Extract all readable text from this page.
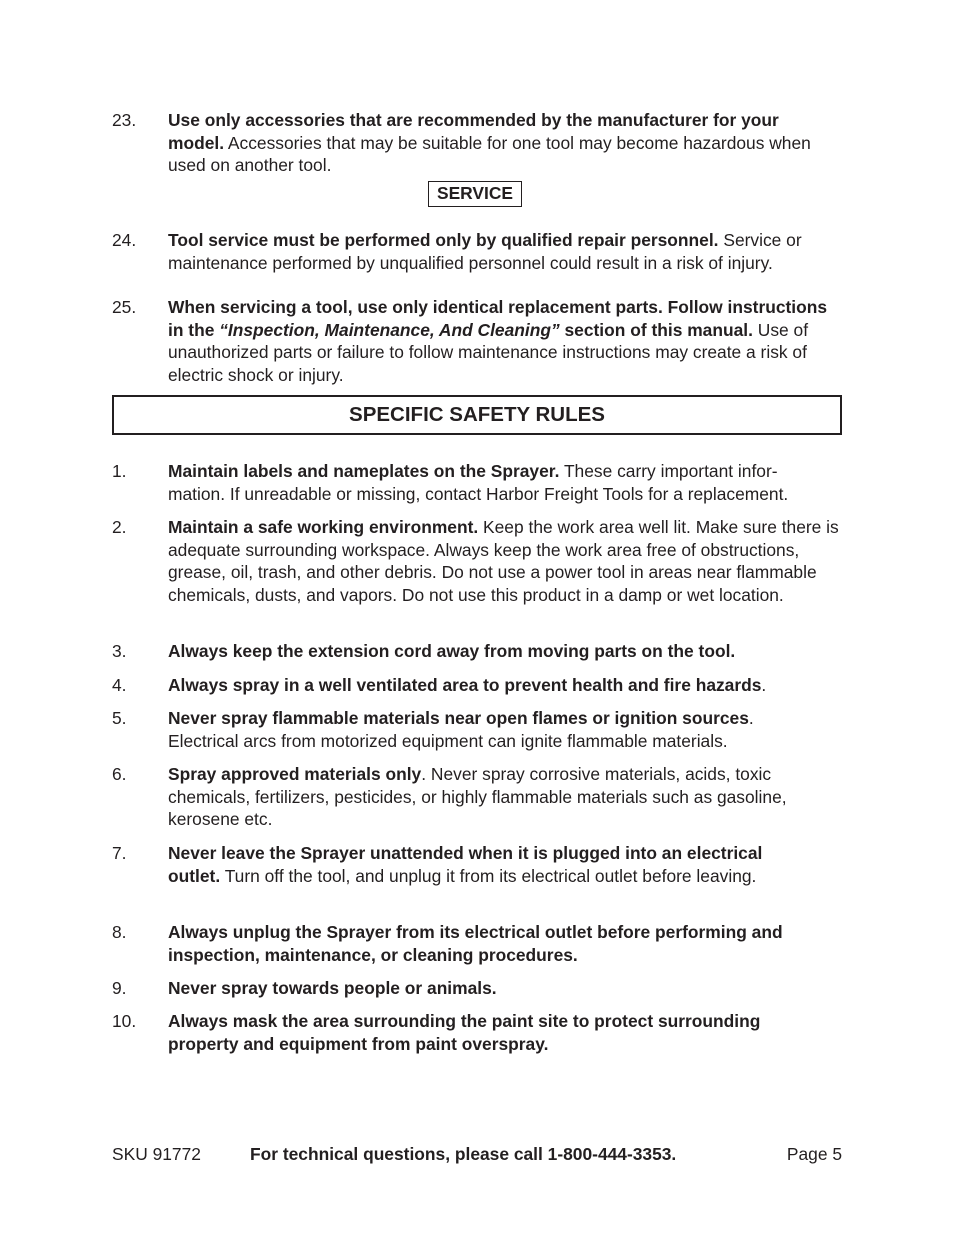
23. Use only accessories that are recommended by the manufacturer for your model. Accessories that may be suitable for one tool may become hazardous when used on another tool.
SERVICE
24. Tool service must be performed only by qualified repair personnel. Service or maintenance performed by unqualified personnel could result in a risk of injury.
25. When servicing a tool, use only identical replacement parts. Follow instructions in the “Inspection, Maintenance, And Cleaning” section of this manual. Use of unauthorized parts or failure to follow maintenance instructions may create a risk of electric shock or injury.
SPECIFIC SAFETY RULES
1. Maintain labels and nameplates on the Sprayer. These carry important infor-mation. If unreadable or missing, contact Harbor Freight Tools for a replacement.
2. Maintain a safe working environment. Keep the work area well lit. Make sure there is adequate surrounding workspace. Always keep the work area free of obstructions, grease, oil, trash, and other debris. Do not use a power tool in areas near flammable chemicals, dusts, and vapors. Do not use this product in a damp or wet location.
3. Always keep the extension cord away from moving parts on the tool.
4. Always spray in a well ventilated area to prevent health and fire hazards.
5. Never spray flammable materials near open flames or ignition sources. Electrical arcs from motorized equipment can ignite flammable materials.
6. Spray approved materials only. Never spray corrosive materials, acids, toxic chemicals, fertilizers, pesticides, or highly flammable materials such as gasoline, kerosene etc.
7. Never leave the Sprayer unattended when it is plugged into an electrical outlet. Turn off the tool, and unplug it from its electrical outlet before leaving.
8. Always unplug the Sprayer from its electrical outlet before performing and inspection, maintenance, or cleaning procedures.
9. Never spray towards people or animals.
10. Always mask the area surrounding the paint site to protect surrounding property and equipment from paint overspray.
SKU 91772	For technical questions, please call 1-800-444-3353.	Page 5
